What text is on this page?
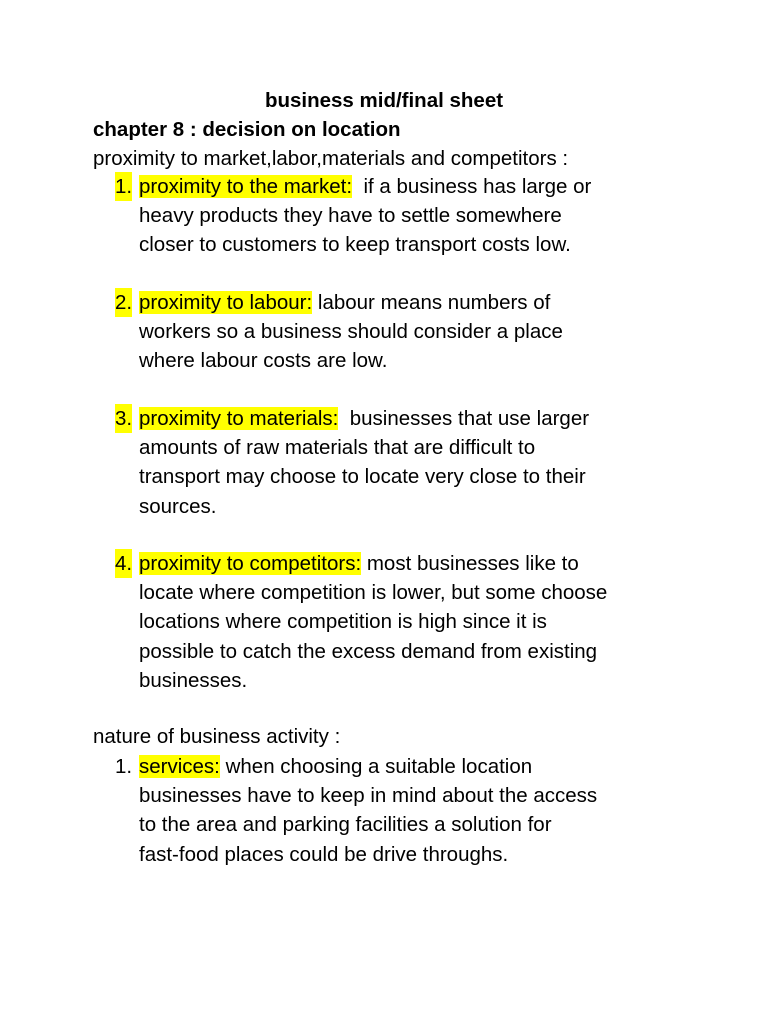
business mid/final sheet

chapter 8 : decision on location

proximity to market,labor,materials and competitors :

1. proximity to the market:  if a business has large or
heavy products they have to settle somewhere
closer to customers to keep transport costs low.

2. proximity to labour: labour means numbers of
workers so a business should consider a place
where labour costs are low.

3. proximity to materials:  businesses that use larger
amounts of raw materials that are difficult to
transport may choose to locate very close to their
sources.

4. proximity to competitors: most businesses like to
locate where competition is lower, but some choose
locations where competition is high since it is
possible to catch the excess demand from existing
businesses.

nature of business activity :

1. services: when choosing a suitable location
businesses have to keep in mind about the access
to the area and parking facilities a solution for
fast-food places could be drive throughs.
